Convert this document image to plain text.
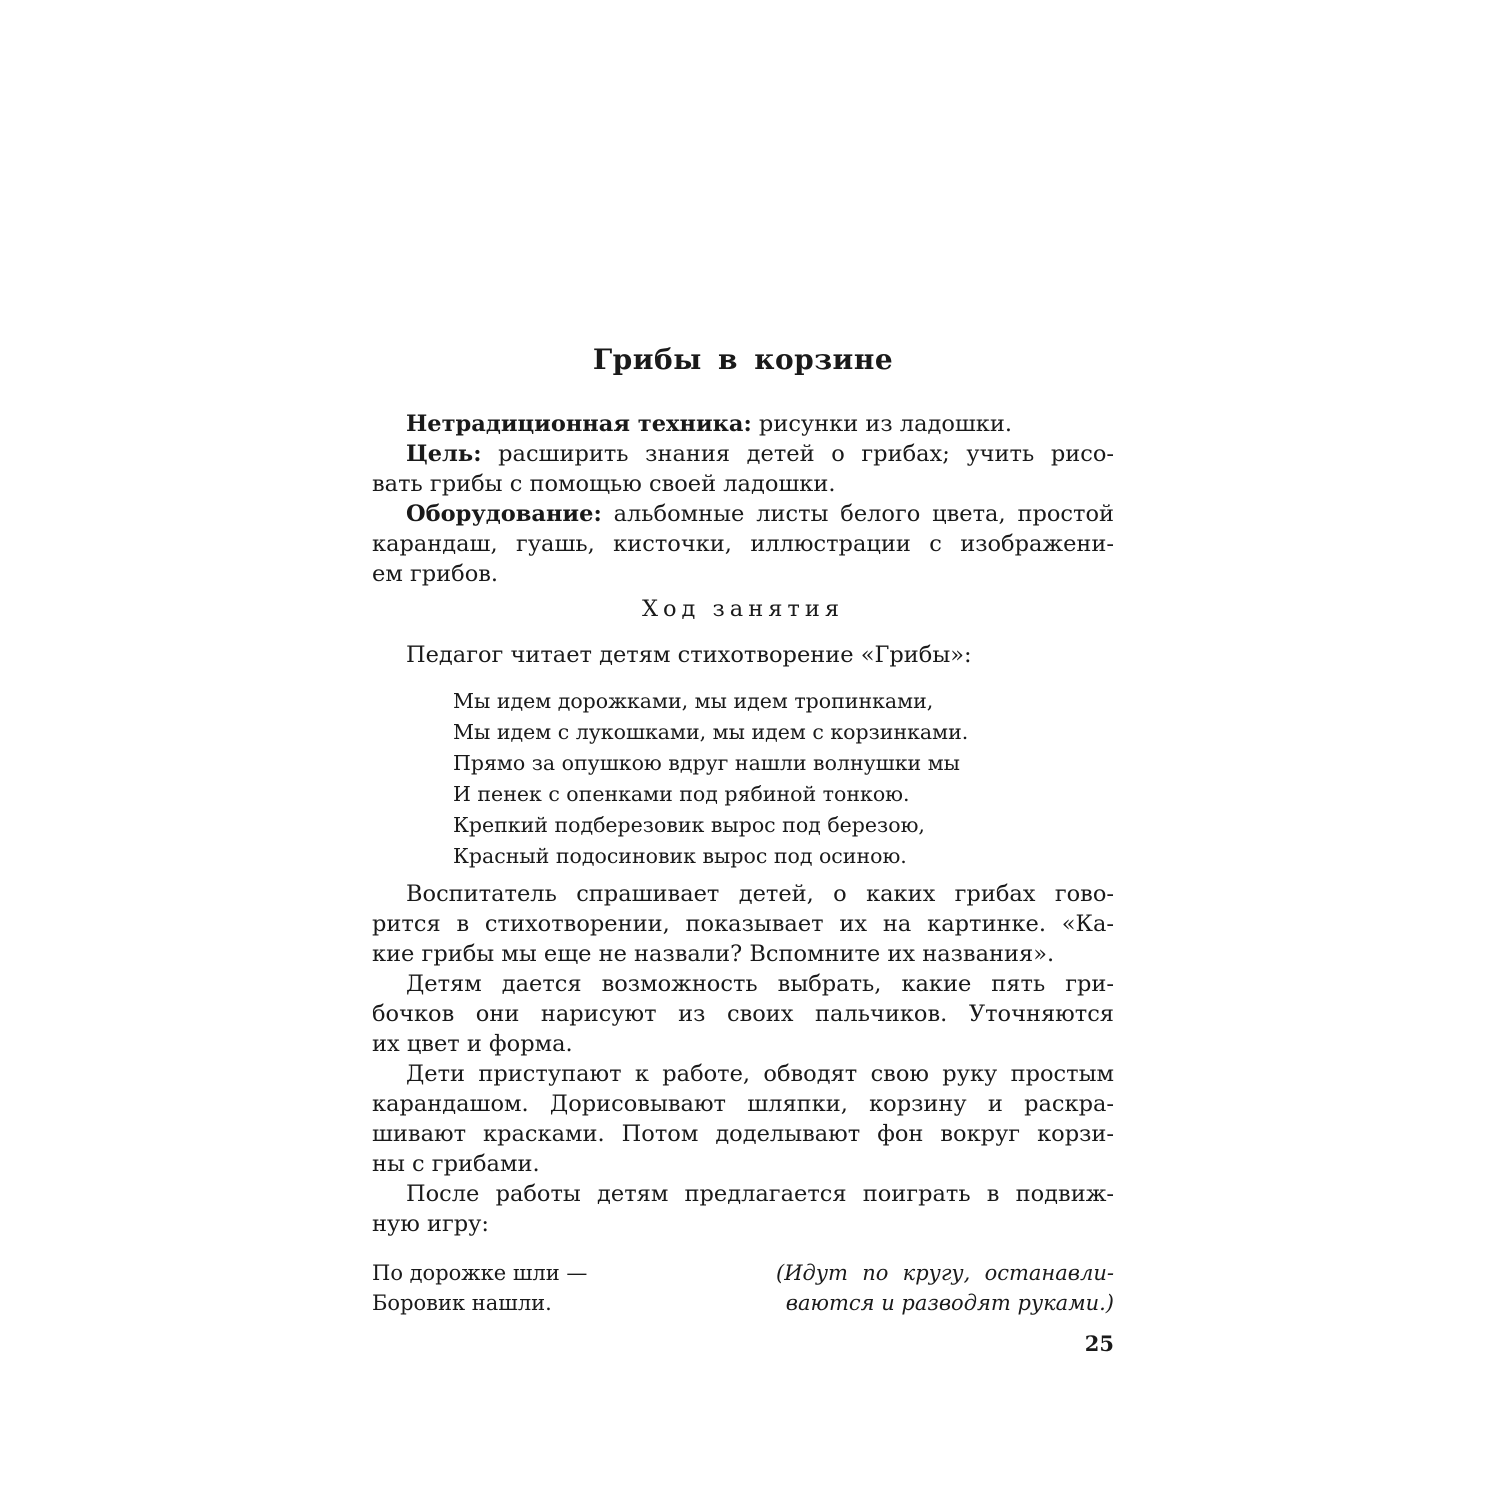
Грибы в корзине
Нетрадиционная техника: рисунки из ладошки.
Цель: расширить знания детей о грибах; учить рисо-
вать грибы с помощью своей ладошки.
Оборудование: альбомные листы белого цвета, простой
карандаш, гуашь, кисточки, иллюстрации с изображени-
ем грибов.
Ход занятия
Педагог читает детям стихотворение «Грибы»:
Мы идем дорожками, мы идем тропинками,
Мы идем с лукошками, мы идем с корзинками.
Прямо за опушкою вдруг нашли волнушки мы
И пенек с опенками под рябиной тонкою.
Крепкий подберезовик вырос под березою,
Красный подосиновик вырос под осиною.
Воспитатель спрашивает детей, о каких грибах гово-
рится в стихотворении, показывает их на картинке. «Ка-
кие грибы мы еще не назвали? Вспомните их названия».
Детям дается возможность выбрать, какие пять гри-
бочков они нарисуют из своих пальчиков. Уточняются
их цвет и форма.
Дети приступают к работе, обводят свою руку простым
карандашом. Дорисовывают шляпки, корзину и раскра-
шивают красками. Потом доделывают фон вокруг корзи-
ны с грибами.
После работы детям предлагается поиграть в подвиж-
ную игру:
По дорожке шли —
Боровик нашли.
(Идут по кругу, останавли-
ваются и разводят руками.)
25
